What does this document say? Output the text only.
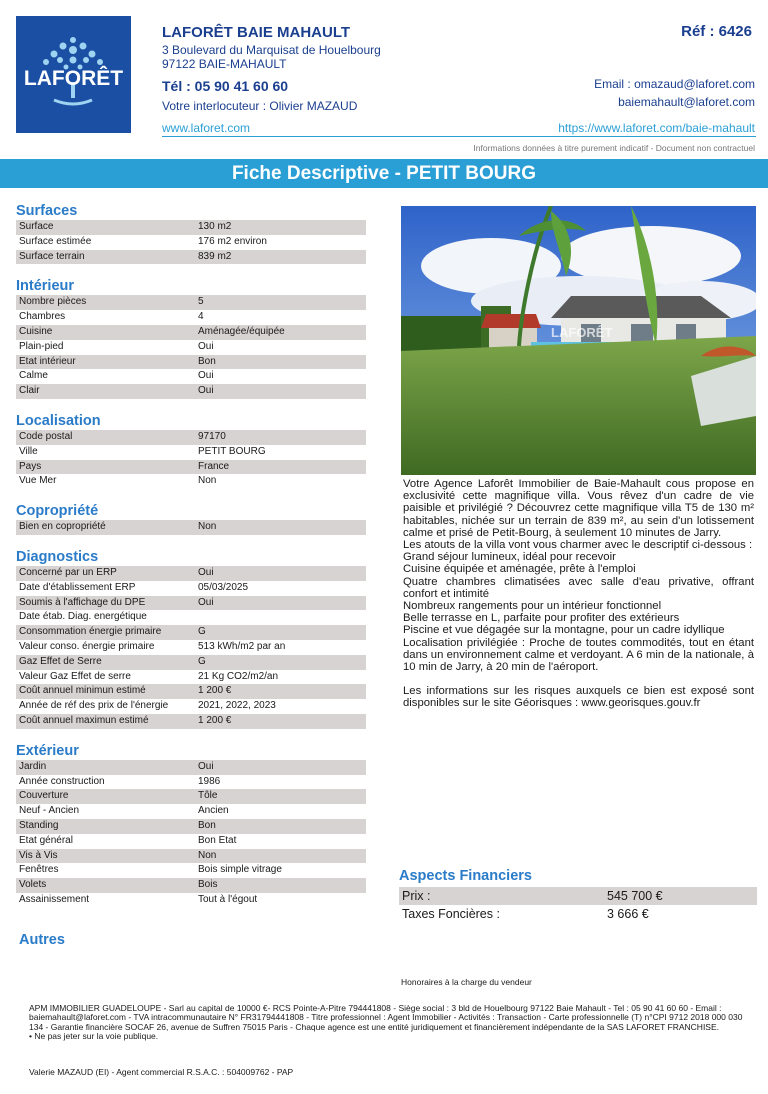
LAFORÊT
LAFORÊT BAIE MAHAULT
3 Boulevard du Marquisat de Houelbourg
97122 BAIE-MAHAULT
Tél : 05 90 41 60 60
Votre interlocuteur : Olivier MAZAUD
www.laforet.com
Réf : 6426
Email : omazaud@laforet.com
baiemahault@laforet.com
https://www.laforet.com/baie-mahault
Informations données à titre purement indicatif - Document non contractuel
Fiche Descriptive - PETIT BOURG
Surfaces
Surface	130 m2
Surface estimée	176 m2 environ
Surface terrain	839 m2
Intérieur
Nombre pièces	5
Chambres	4
Cuisine	Aménagée/équipée
Plain-pied	Oui
Etat intérieur	Bon
Calme	Oui
Clair	Oui
Localisation
Code postal	97170
Ville	PETIT BOURG
Pays	France
Vue Mer	Non
Copropriété
Bien en copropriété	Non
Diagnostics
Concerné par un ERP	Oui
Date d'établissement ERP	05/03/2025
Soumis à l'affichage du DPE	Oui
Date étab. Diag. energétique
Consommation énergie primaire	G
Valeur conso. énergie primaire	513 kWh/m2 par an
Gaz Effet de Serre	G
Valeur Gaz Effet de serre	21 Kg CO2/m2/an
Coût annuel minimun estimé	1 200 €
Année de réf des prix de l'énergie	2021, 2022, 2023
Coût annuel maximun estimé	1 200 €
Extérieur
Jardin	Oui
Année construction	1986
Couverture	Tôle
Neuf - Ancien	Ancien
Standing	Bon
Etat général	Bon Etat
Vis à Vis	Non
Fenêtres	Bois simple vitrage
Volets	Bois
Assainissement	Tout à l'égout
Autres
LAFORÊT

Votre Agence Laforêt Immobilier de Baie-Mahault cous propose en exclusivité cette magnifique villa. Vous rêvez d'un cadre de vie paisible et privilégié ? Découvrez cette magnifique villa T5 de 130 m² habitables, nichée sur un terrain de 839 m², au sein d'un lotissement calme et prisé de Petit-Bourg, à seulement 10 minutes de Jarry.

Les atouts de la villa vont vous charmer avec le descriptif ci-dessous :

Grand séjour lumineux, idéal pour recevoir

Cuisine équipée et aménagée, prête à l'emploi

Quatre chambres climatisées avec salle d'eau privative, offrant confort et intimité

Nombreux rangements pour un intérieur fonctionnel

Belle terrasse en L, parfaite pour profiter des extérieurs

Piscine et vue dégagée sur la montagne, pour un cadre idyllique

Localisation privilégiée : Proche de toutes commodités, tout en étant dans un environnement calme et verdoyant. A 6 min de la nationale, à 10 min de Jarry, à 20 min de l'aéroport.

Les informations sur les risques auxquels ce bien est exposé sont disponibles sur le site Géorisques : www.georisques.gouv.fr

Aspects Financiers
Prix :	545 700 €
Taxes Foncières :	3 666 €
Honoraires à la charge du vendeur
APM IMMOBILIER GUADELOUPE - Sarl au capital de 10000 €- RCS Pointe-A-Pitre 794441808 - Siège social : 3 bld de Houelbourg 97122 Baie Mahault - Tel : 05 90 41 60 60 - Email : baiemahault@laforet.com - TVA intracommunautaire N° FR31794441808 - Titre professionnel : Agent Immobilier - Activités : Transaction - Carte professionnelle (T) n°CPI 9712 2018 000 030 134 - Garantie financière SOCAF 26, avenue de Suffren 75015 Paris - Chaque agence est une entité juridiquement et financièrement indépendante de la SAS LAFORET FRANCHISE.
• Ne pas jeter sur la voie publique.
Valerie MAZAUD (EI) - Agent commercial R.S.A.C. : 504009762 - PAP
